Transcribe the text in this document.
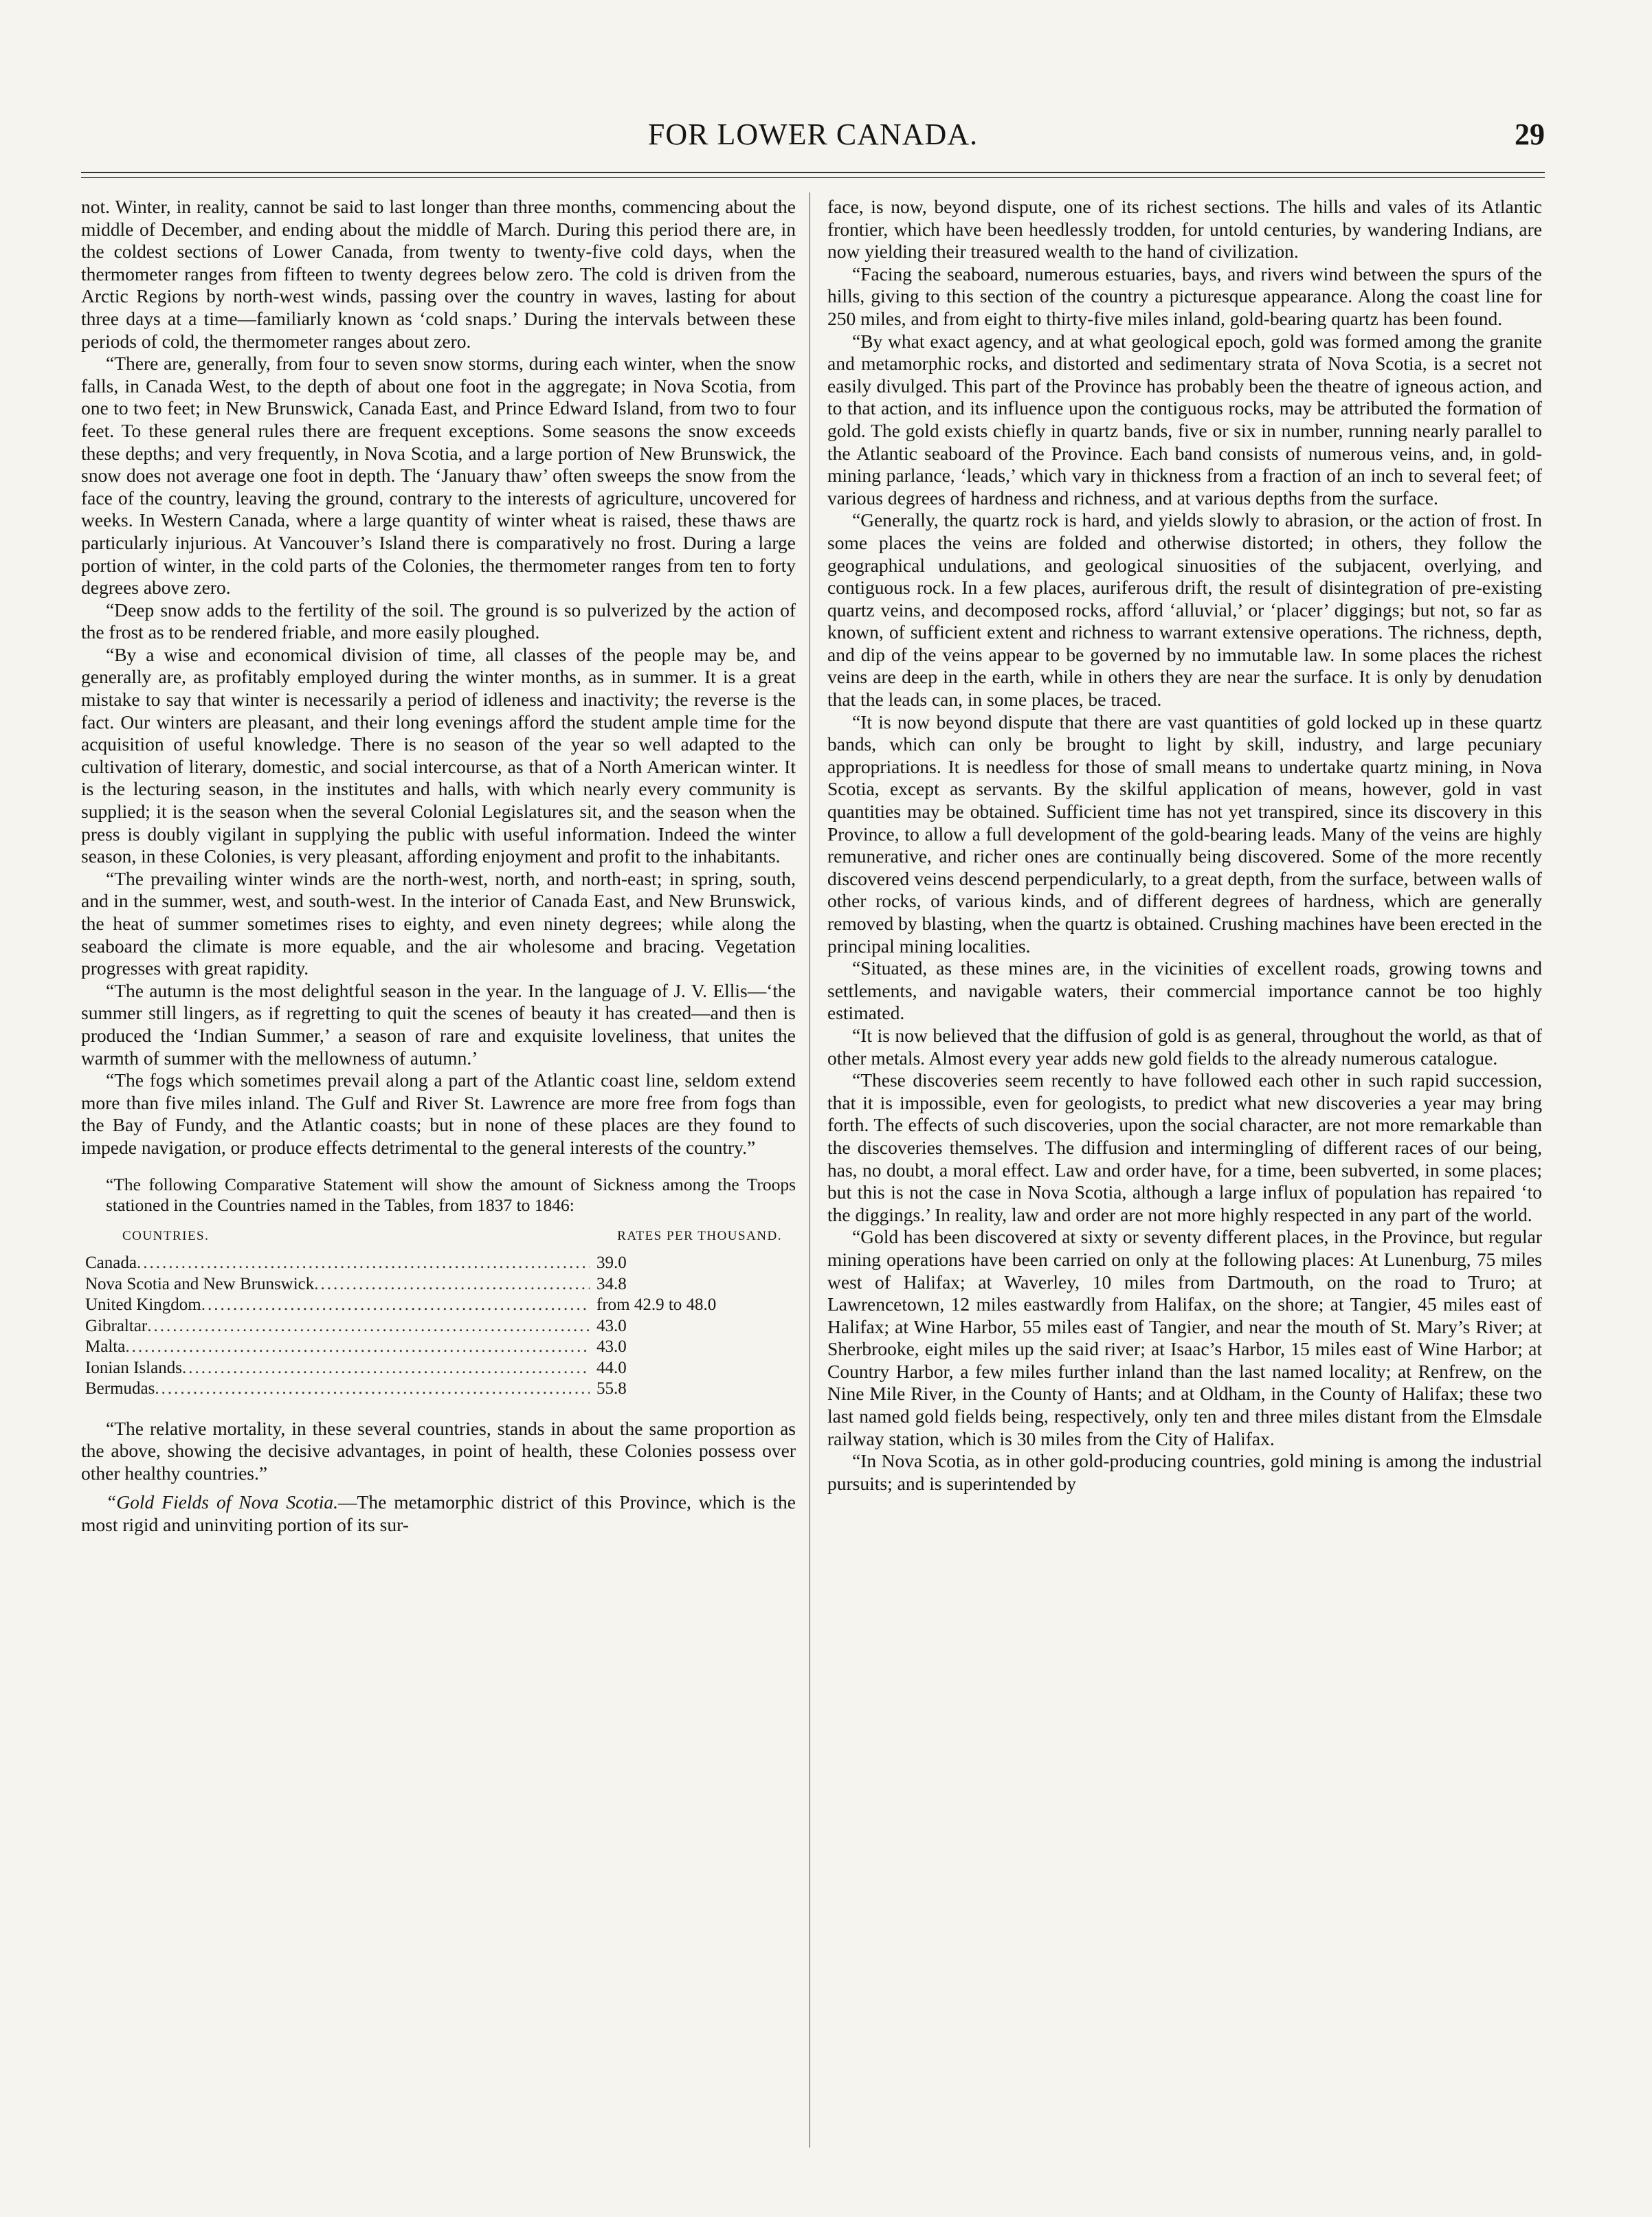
FOR LOWER CANADA.	29

not. Winter, in reality, cannot be said to last longer than three months, commencing about the middle of December, and ending about the middle of March. During this period there are, in the coldest sections of Lower Canada, from twenty to twenty-five cold days, when the thermometer ranges from fifteen to twenty degrees below zero. The cold is driven from the Arctic Regions by north-west winds, passing over the country in waves, lasting for about three days at a time—familiarly known as ‘cold snaps.’ During the intervals between these periods of cold, the thermometer ranges about zero.

“There are, generally, from four to seven snow storms, during each winter, when the snow falls, in Canada West, to the depth of about one foot in the aggregate; in Nova Scotia, from one to two feet; in New Brunswick, Canada East, and Prince Edward Island, from two to four feet. To these general rules there are frequent exceptions. Some seasons the snow exceeds these depths; and very frequently, in Nova Scotia, and a large portion of New Brunswick, the snow does not average one foot in depth. The ‘January thaw’ often sweeps the snow from the face of the country, leaving the ground, contrary to the interests of agriculture, uncovered for weeks. In Western Canada, where a large quantity of winter wheat is raised, these thaws are particularly injurious. At Vancouver’s Island there is comparatively no frost. During a large portion of winter, in the cold parts of the Colonies, the thermometer ranges from ten to forty degrees above zero.

“Deep snow adds to the fertility of the soil. The ground is so pulverized by the action of the frost as to be rendered friable, and more easily ploughed.

“By a wise and economical division of time, all classes of the people may be, and generally are, as profitably employed during the winter months, as in summer. It is a great mistake to say that winter is necessarily a period of idleness and inactivity; the reverse is the fact. Our winters are pleasant, and their long evenings afford the student ample time for the acquisition of useful knowledge. There is no season of the year so well adapted to the cultivation of literary, domestic, and social intercourse, as that of a North American winter. It is the lecturing season, in the institutes and halls, with which nearly every community is supplied; it is the season when the several Colonial Legislatures sit, and the season when the press is doubly vigilant in supplying the public with useful information. Indeed the winter season, in these Colonies, is very pleasant, affording enjoyment and profit to the inhabitants.

“The prevailing winter winds are the north-west, north, and north-east; in spring, south, and in the summer, west, and south-west. In the interior of Canada East, and New Brunswick, the heat of summer sometimes rises to eighty, and even ninety degrees; while along the seaboard the climate is more equable, and the air wholesome and bracing. Vegetation progresses with great rapidity.

“The autumn is the most delightful season in the year. In the language of J. V. Ellis—‘the summer still lingers, as if regretting to quit the scenes of beauty it has created—and then is produced the ‘Indian Summer,’ a season of rare and exquisite loveliness, that unites the warmth of summer with the mellowness of autumn.’

“The fogs which sometimes prevail along a part of the Atlantic coast line, seldom extend more than five miles inland. The Gulf and River St. Lawrence are more free from fogs than the Bay of Fundy, and the Atlantic coasts; but in none of these places are they found to impede navigation, or produce effects detrimental to the general interests of the country.”

“The following Comparative Statement will show the amount of Sickness among the Troops stationed in the Countries named in the Tables, from 1837 to 1846:

COUNTRIES.	RATES PER THOUSAND.
Canada .....	39.0
Nova Scotia and New Brunswick .....	34.8
United Kingdom .....	from 42.9 to 48.0
Gibraltar .....	43.0
Malta .....	43.0
Ionian Islands .....	44.0
Bermudas .....	55.8

“The relative mortality, in these several countries, stands in about the same proportion as the above, showing the decisive advantages, in point of health, these Colonies possess over other healthy countries.”

“Gold Fields of Nova Scotia.—The metamorphic district of this Province, which is the most rigid and uninviting portion of its sur-

face, is now, beyond dispute, one of its richest sections. The hills and vales of its Atlantic frontier, which have been heedlessly trodden, for untold centuries, by wandering Indians, are now yielding their treasured wealth to the hand of civilization.

“Facing the seaboard, numerous estuaries, bays, and rivers wind between the spurs of the hills, giving to this section of the country a picturesque appearance. Along the coast line for 250 miles, and from eight to thirty-five miles inland, gold-bearing quartz has been found.

“By what exact agency, and at what geological epoch, gold was formed among the granite and metamorphic rocks, and distorted and sedimentary strata of Nova Scotia, is a secret not easily divulged. This part of the Province has probably been the theatre of igneous action, and to that action, and its influence upon the contiguous rocks, may be attributed the formation of gold. The gold exists chiefly in quartz bands, five or six in number, running nearly parallel to the Atlantic seaboard of the Province. Each band consists of numerous veins, and, in gold-mining parlance, ‘leads,’ which vary in thickness from a fraction of an inch to several feet; of various degrees of hardness and richness, and at various depths from the surface.

“Generally, the quartz rock is hard, and yields slowly to abrasion, or the action of frost. In some places the veins are folded and otherwise distorted; in others, they follow the geographical undulations, and geological sinuosities of the subjacent, overlying, and contiguous rock. In a few places, auriferous drift, the result of disintegration of pre-existing quartz veins, and decomposed rocks, afford ‘alluvial,’ or ‘placer’ diggings; but not, so far as known, of sufficient extent and richness to warrant extensive operations. The richness, depth, and dip of the veins appear to be governed by no immutable law. In some places the richest veins are deep in the earth, while in others they are near the surface. It is only by denudation that the leads can, in some places, be traced.

“It is now beyond dispute that there are vast quantities of gold locked up in these quartz bands, which can only be brought to light by skill, industry, and large pecuniary appropriations. It is needless for those of small means to undertake quartz mining, in Nova Scotia, except as servants. By the skilful application of means, however, gold in vast quantities may be obtained. Sufficient time has not yet transpired, since its discovery in this Province, to allow a full development of the gold-bearing leads. Many of the veins are highly remunerative, and richer ones are continually being discovered. Some of the more recently discovered veins descend perpendicularly, to a great depth, from the surface, between walls of other rocks, of various kinds, and of different degrees of hardness, which are generally removed by blasting, when the quartz is obtained. Crushing machines have been erected in the principal mining localities.

“Situated, as these mines are, in the vicinities of excellent roads, growing towns and settlements, and navigable waters, their commercial importance cannot be too highly estimated.

“It is now believed that the diffusion of gold is as general, throughout the world, as that of other metals. Almost every year adds new gold fields to the already numerous catalogue.

“These discoveries seem recently to have followed each other in such rapid succession, that it is impossible, even for geologists, to predict what new discoveries a year may bring forth. The effects of such discoveries, upon the social character, are not more remarkable than the discoveries themselves. The diffusion and intermingling of different races of our being, has, no doubt, a moral effect. Law and order have, for a time, been subverted, in some places; but this is not the case in Nova Scotia, although a large influx of population has repaired ‘to the diggings.’ In reality, law and order are not more highly respected in any part of the world.

“Gold has been discovered at sixty or seventy different places, in the Province, but regular mining operations have been carried on only at the following places: At Lunenburg, 75 miles west of Halifax; at Waverley, 10 miles from Dartmouth, on the road to Truro; at Lawrencetown, 12 miles eastwardly from Halifax, on the shore; at Tangier, 45 miles east of Halifax; at Wine Harbor, 55 miles east of Tangier, and near the mouth of St. Mary’s River; at Sherbrooke, eight miles up the said river; at Isaac’s Harbor, 15 miles east of Wine Harbor; at Country Harbor, a few miles further inland than the last named locality; at Renfrew, on the Nine Mile River, in the County of Hants; and at Oldham, in the County of Halifax; these two last named gold fields being, respectively, only ten and three miles distant from the Elmsdale railway station, which is 30 miles from the City of Halifax.

“In Nova Scotia, as in other gold-producing countries, gold mining is among the industrial pursuits; and is superintended by
